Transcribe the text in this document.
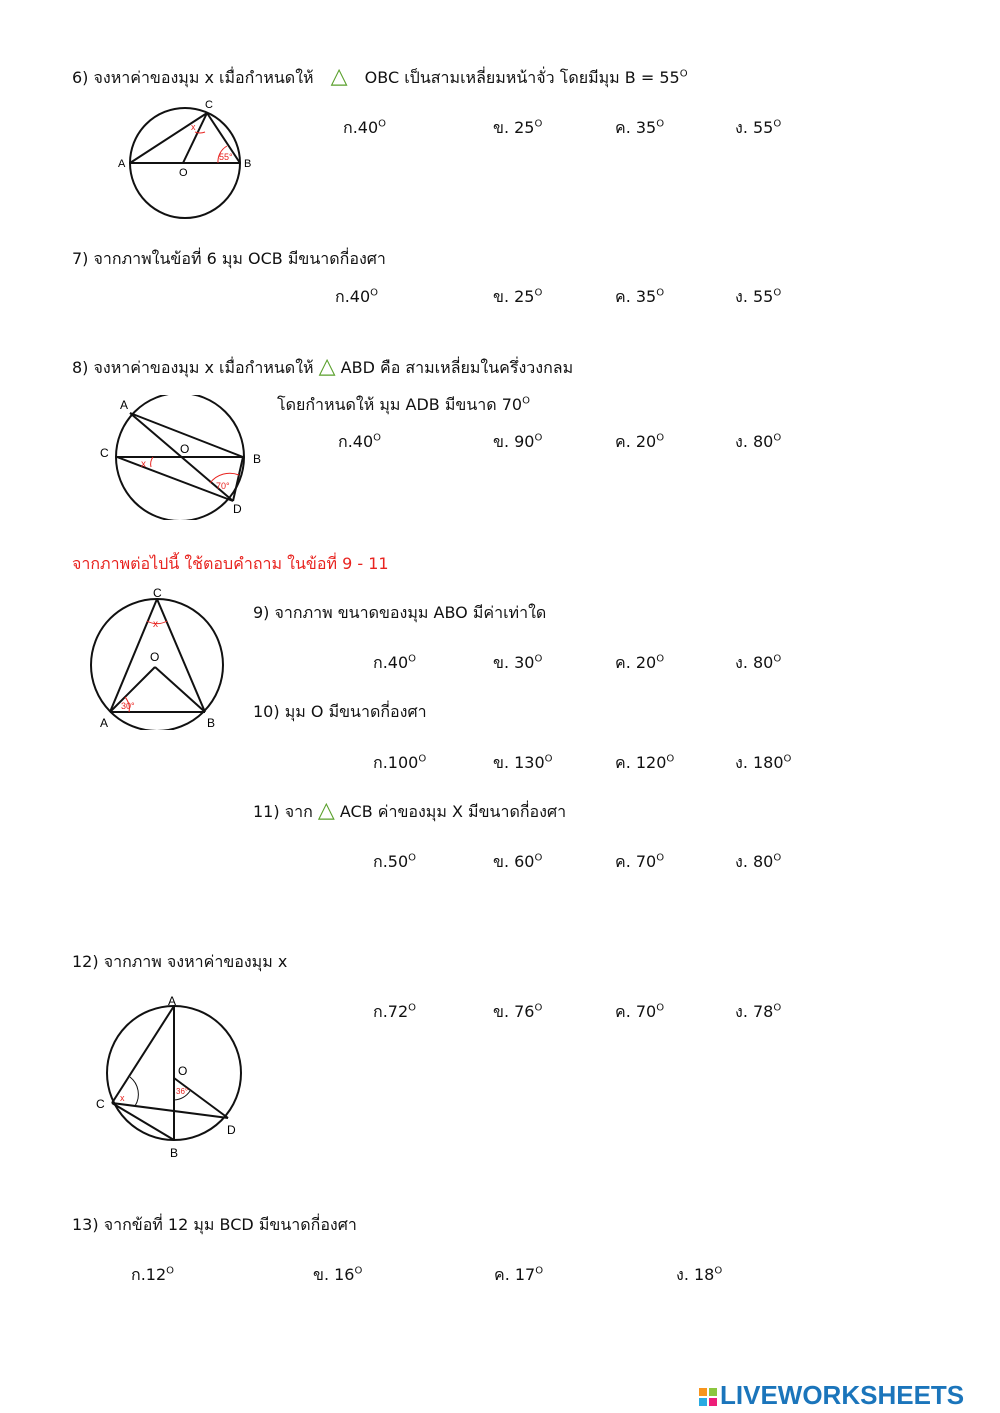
6) จงหาค่าของมุม x เมื่อกำหนดให้ △ OBC เป็นสามเหลี่ยมหน้าจั่ว โดยมีมุม $B = 55^O$
C
A
O
B
x
55°
ก$.40^O$	ข. $25^O$	ค. $35^O$	ง. $55^O$
7) จากภาพในข้อที่ 6 มุม OCB มีขนาดกี่องศา
ก$.40^O$	ข. $25^O$	ค. $35^O$	ง. $55^O$
8) จงหาค่าของมุม x เมื่อกำหนดให้ △ ABD คือ สามเหลี่ยมในครึ่งวงกลม
โดยกำหนดให้ มุม ADB มีขนาด $70^O$
A
C	O
B
D
x
70°
ก$.40^O$	ข. $90^O$	ค. $20^O$	ง. $80^O$
จากภาพต่อไปนี้ ใช้ตอบคำถาม ในข้อที่ 9 - 11
C
x
O
A	B
30°
9) จากภาพ ขนาดของมุม ABO มีค่าเท่าใด
ก$.40^O$	ข. $30^O$	ค. $20^O$	ง. $80^O$
10) มุม O มีขนาดกี่องศา
ก$.100^O$	ข. $130^O$	ค. $120^O$	ง. $180^O$
11) จาก △ ACB ค่าของมุม X มีขนาดกี่องศา
ก$.50^O$	ข. $60^O$	ค. $70^O$	ง. $80^O$
12) จากภาพ จงหาค่าของมุม x
ก$.72^O$	ข. $76^O$	ค. $70^O$	ง. $78^O$
A
O
C
D
B
x
36°
13) จากข้อที่ 12 มุม BCD มีขนาดกี่องศา
ก$.12^O$	ข. $16^O$	ค. $17^O$	ง. $18^O$
LIVEWORKSHEETS
